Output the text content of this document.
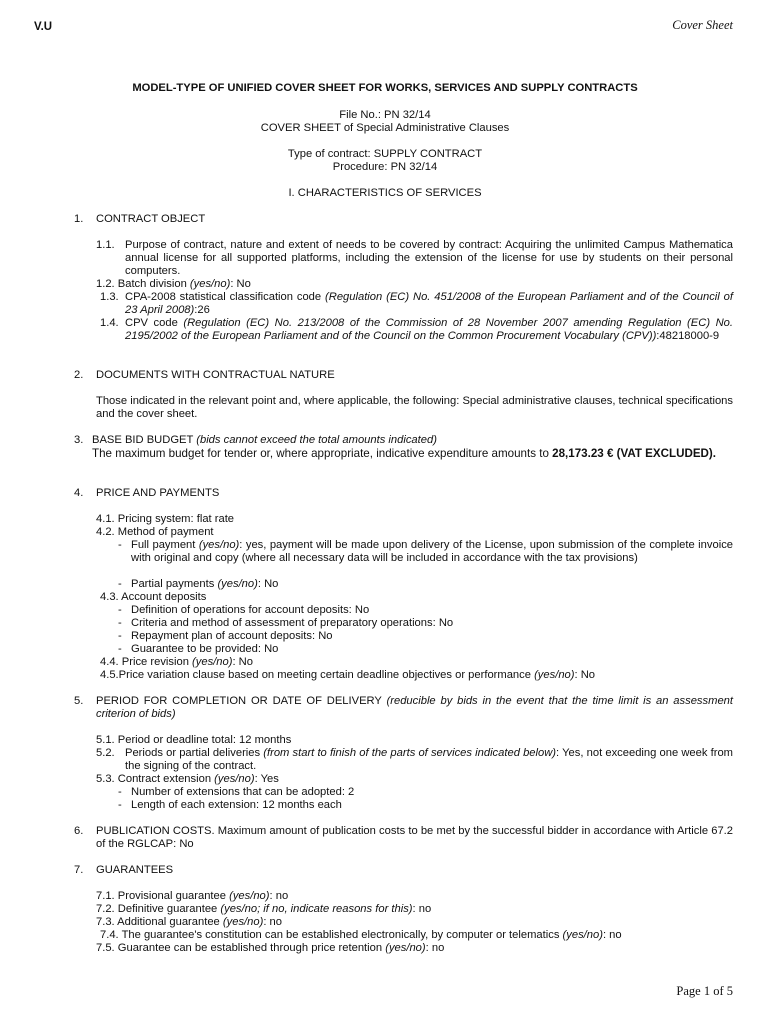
V.U	Cover Sheet
MODEL-TYPE OF UNIFIED COVER SHEET FOR WORKS, SERVICES AND SUPPLY CONTRACTS
File No.: PN 32/14
COVER SHEET of Special Administrative Clauses
Type of contract: SUPPLY CONTRACT
Procedure: PN 32/14
I. CHARACTERISTICS OF SERVICES
1. CONTRACT OBJECT
1.1. Purpose of contract, nature and extent of needs to be covered by contract: Acquiring the unlimited Campus Mathematica annual license for all supported platforms, including the extension of the license for use by students on their personal computers.
1.2. Batch division (yes/no): No
1.3. CPA-2008 statistical classification code (Regulation (EC) No. 451/2008 of the European Parliament and of the Council of 23 April 2008):26
1.4. CPV code (Regulation (EC) No. 213/2008 of the Commission of 28 November 2007 amending Regulation (EC) No. 2195/2002 of the European Parliament and of the Council on the Common Procurement Vocabulary (CPV)):48218000-9
2. DOCUMENTS WITH CONTRACTUAL NATURE
Those indicated in the relevant point and, where applicable, the following: Special administrative clauses, technical specifications and the cover sheet.
3. BASE BID BUDGET (bids cannot exceed the total amounts indicated)
The maximum budget for tender or, where appropriate, indicative expenditure amounts to 28,173.23 € (VAT EXCLUDED).
4. PRICE AND PAYMENTS
4.1. Pricing system: flat rate
4.2. Method of payment
- Full payment (yes/no): yes, payment will be made upon delivery of the License, upon submission of the complete invoice with original and copy (where all necessary data will be included in accordance with the tax provisions)
- Partial payments (yes/no): No
4.3. Account deposits
- Definition of operations for account deposits: No
- Criteria and method of assessment of preparatory operations: No
- Repayment plan of account deposits: No
- Guarantee to be provided: No
4.4. Price revision (yes/no): No
4.5.Price variation clause based on meeting certain deadline objectives or performance (yes/no): No
5. PERIOD FOR COMPLETION OR DATE OF DELIVERY (reducible by bids in the event that the time limit is an assessment criterion of bids)
5.1. Period or deadline total: 12 months
5.2. Periods or partial deliveries (from start to finish of the parts of services indicated below): Yes, not exceeding one week from the signing of the contract.
5.3. Contract extension (yes/no): Yes
- Number of extensions that can be adopted: 2
- Length of each extension: 12 months each
6. PUBLICATION COSTS. Maximum amount of publication costs to be met by the successful bidder in accordance with Article 67.2 of the RGLCAP: No
7. GUARANTEES
7.1. Provisional guarantee (yes/no): no
7.2. Definitive guarantee (yes/no; if no, indicate reasons for this): no
7.3. Additional guarantee (yes/no): no
7.4. The guarantee's constitution can be established electronically, by computer or telematics (yes/no): no
7.5. Guarantee can be established through price retention (yes/no): no
Page 1 of 5
